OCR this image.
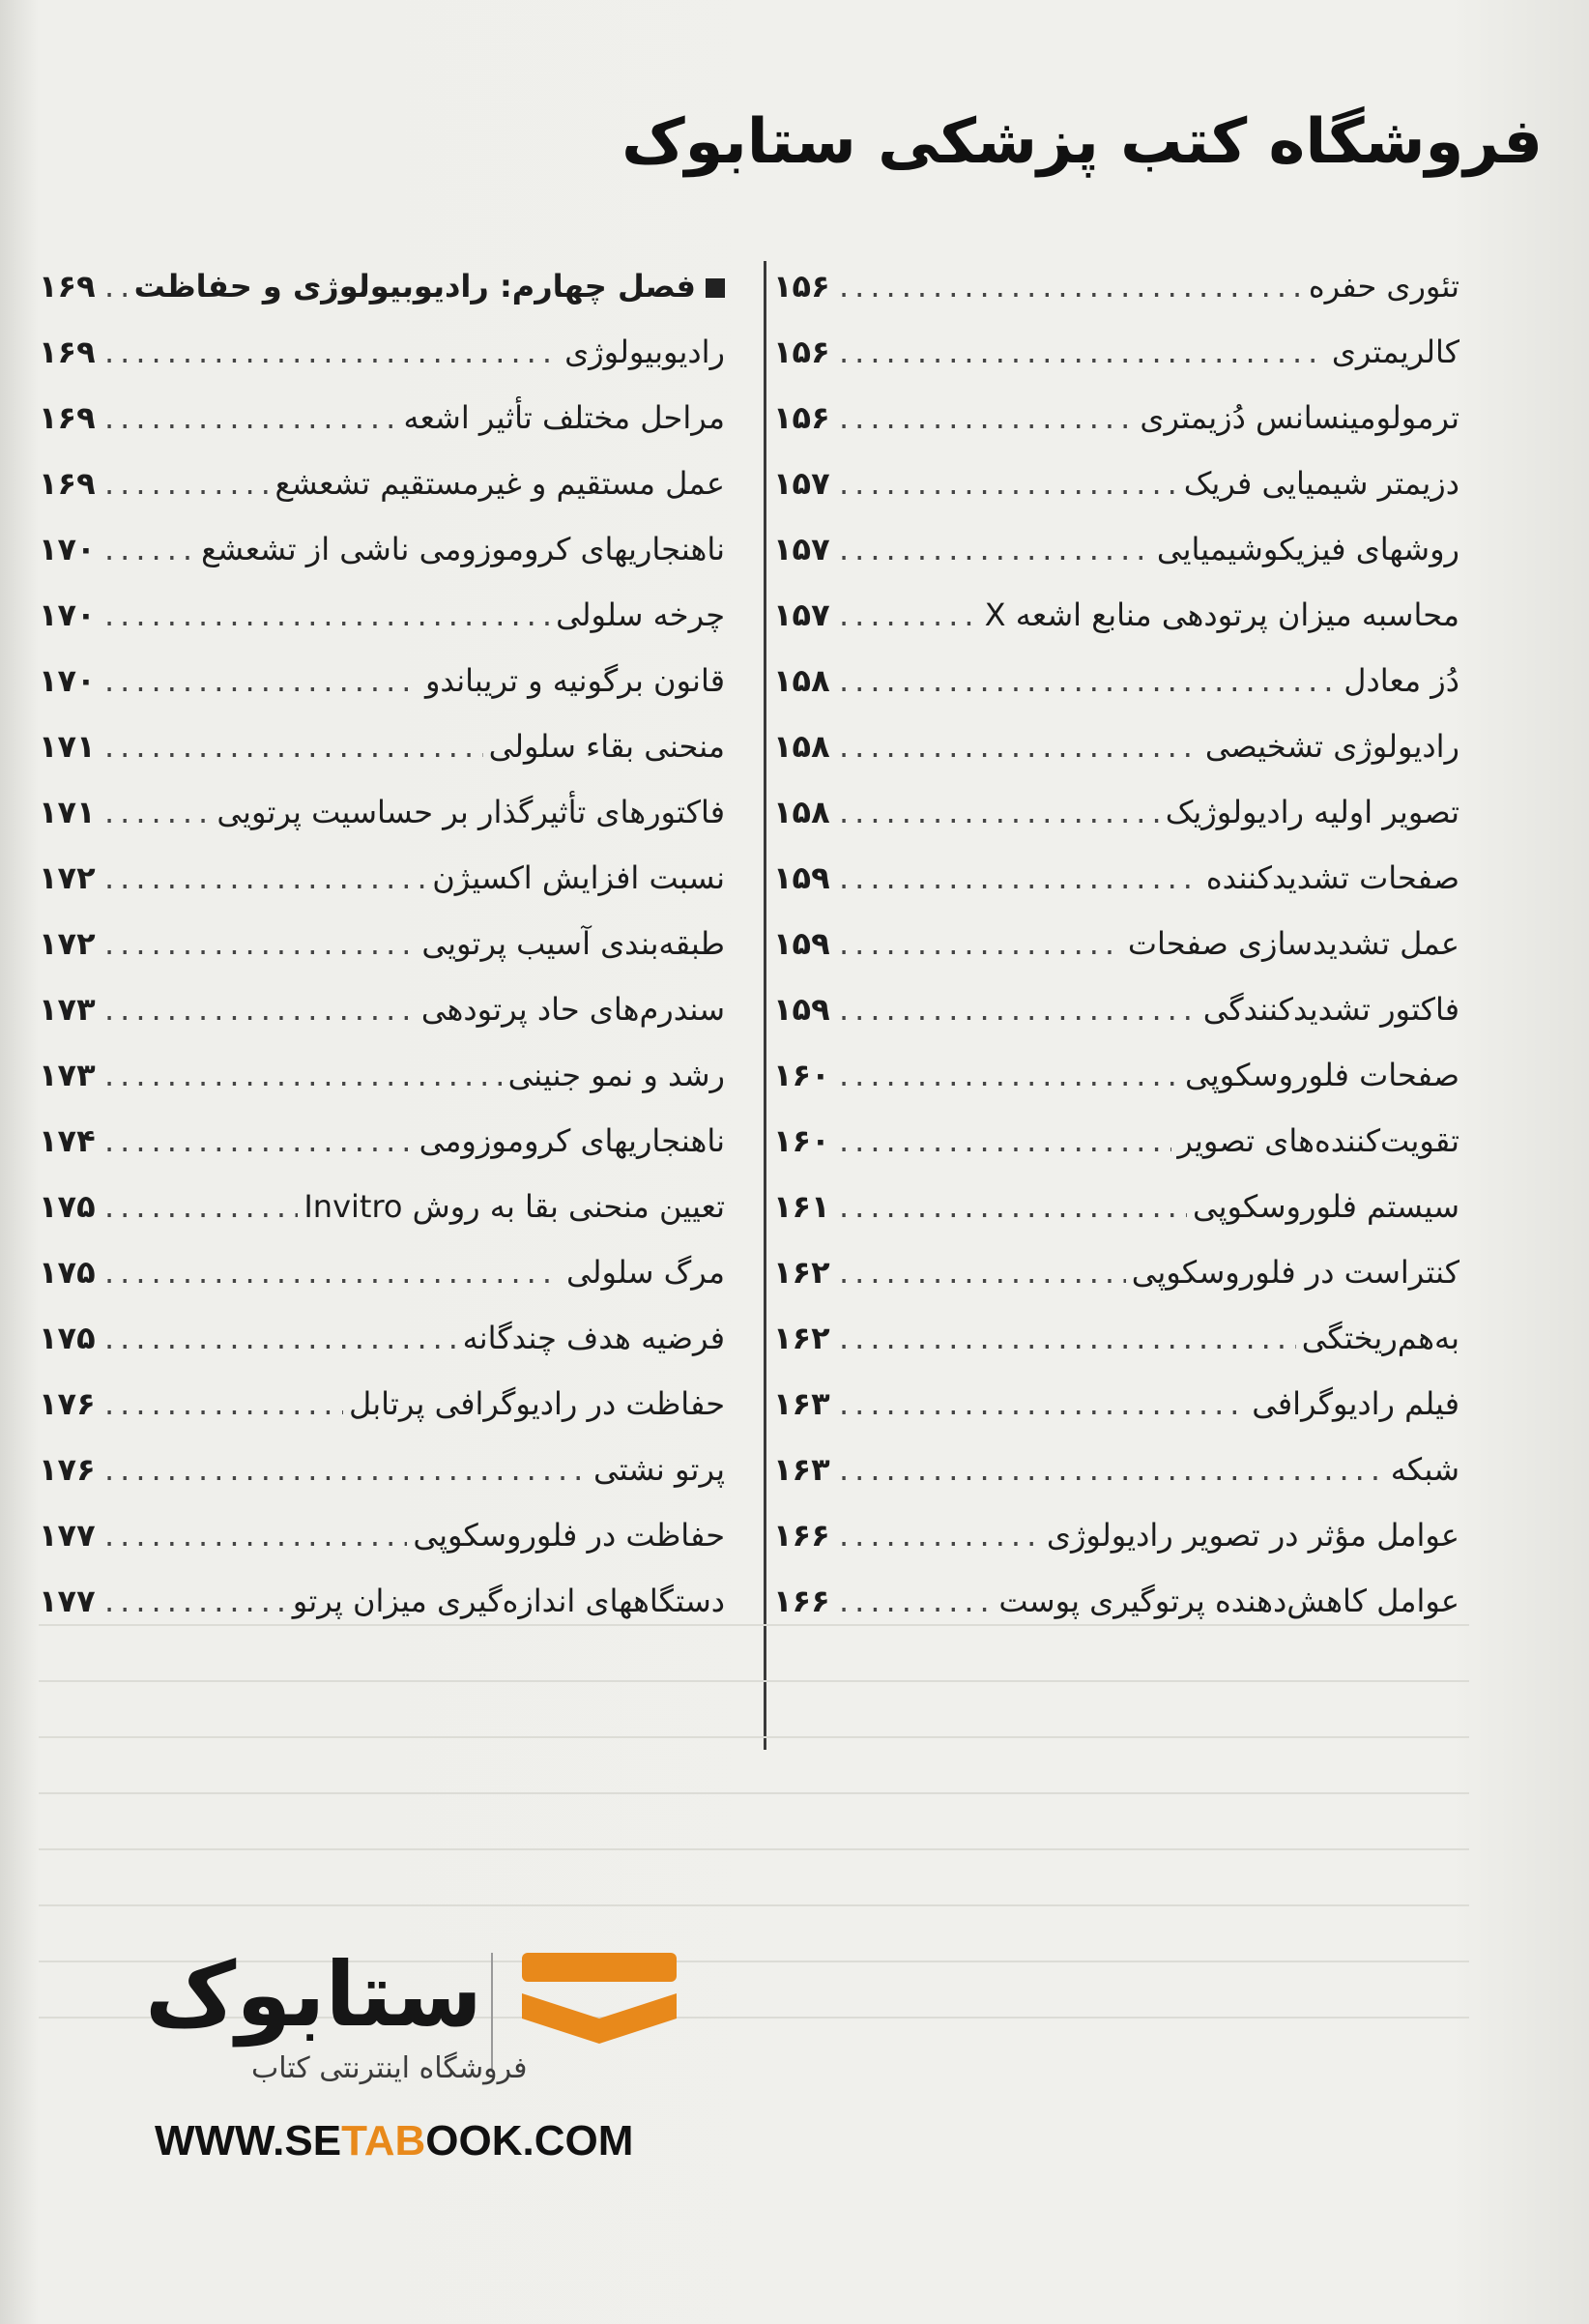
فروشگاه کتب پزشکی ستابوک
تئوری حفره
.....
۱۵۶
کالریمتری
.....
۱۵۶
ترمولومینسانس دُزیمتری
.....
۱۵۶
دزیمتر شیمیایی فریک
.....
۱۵۷
روشهای فیزیکوشیمیایی
.....
۱۵۷
محاسبه میزان پرتودهی منابع اشعه X
.....
۱۵۷
دُز معادل
.....
۱۵۸
رادیولوژی تشخیصی
.....
۱۵۸
تصویر اولیه رادیولوژیک
.....
۱۵۸
صفحات تشدیدکننده
.....
۱۵۹
عمل تشدیدسازی صفحات
.....
۱۵۹
فاکتور تشدیدکنندگی
.....
۱۵۹
صفحات فلوروسکوپی
.....
۱۶۰
تقویت‌کننده‌های تصویر
.....
۱۶۰
سیستم فلوروسکوپی
.....
۱۶۱
کنتراست در فلوروسکوپی
.....
۱۶۲
به‌هم‌ریختگی
.....
۱۶۲
فیلم رادیوگرافی
.....
۱۶۳
شبکه
.....
۱۶۳
عوامل مؤثر در تصویر رادیولوژی
.....
۱۶۶
عوامل کاهش‌دهنده پرتوگیری پوست
.....
۱۶۶
فصل چهارم: رادیوبیولوژی و حفاظت
.....
۱۶۹
رادیوبیولوژی
.....
۱۶۹
مراحل مختلف تأثیر اشعه
.....
۱۶۹
عمل مستقیم و غیرمستقیم تشعشع
.....
۱۶۹
ناهنجاریهای کروموزومی ناشی از تشعشع
.....
۱۷۰
چرخه سلولی
.....
۱۷۰
قانون برگونیه و تریباندو
.....
۱۷۰
منحنی بقاء سلولی
.....
۱۷۱
فاکتورهای تأثیرگذار بر حساسیت پرتویی
.....
۱۷۱
نسبت افزایش اکسیژن
.....
۱۷۲
طبقه‌بندی آسیب پرتویی
.....
۱۷۲
سندرم‌های حاد پرتودهی
.....
۱۷۳
رشد و نمو جنینی
.....
۱۷۳
ناهنجاریهای کروموزومی
.....
۱۷۴
تعیین منحنی بقا به روش Invitro
.....
۱۷۵
مرگ سلولی
.....
۱۷۵
فرضیه هدف چندگانه
.....
۱۷۵
حفاظت در رادیوگرافی پرتابل
.....
۱۷۶
پرتو نشتی
.....
۱۷۶
حفاظت در فلوروسکوپی
.....
۱۷۷
دستگاههای اندازه‌گیری میزان پرتو
.....
۱۷۷
ستابوک
فروشگاه اینترنتی کتاب
WWW.SETABOOK.COM
